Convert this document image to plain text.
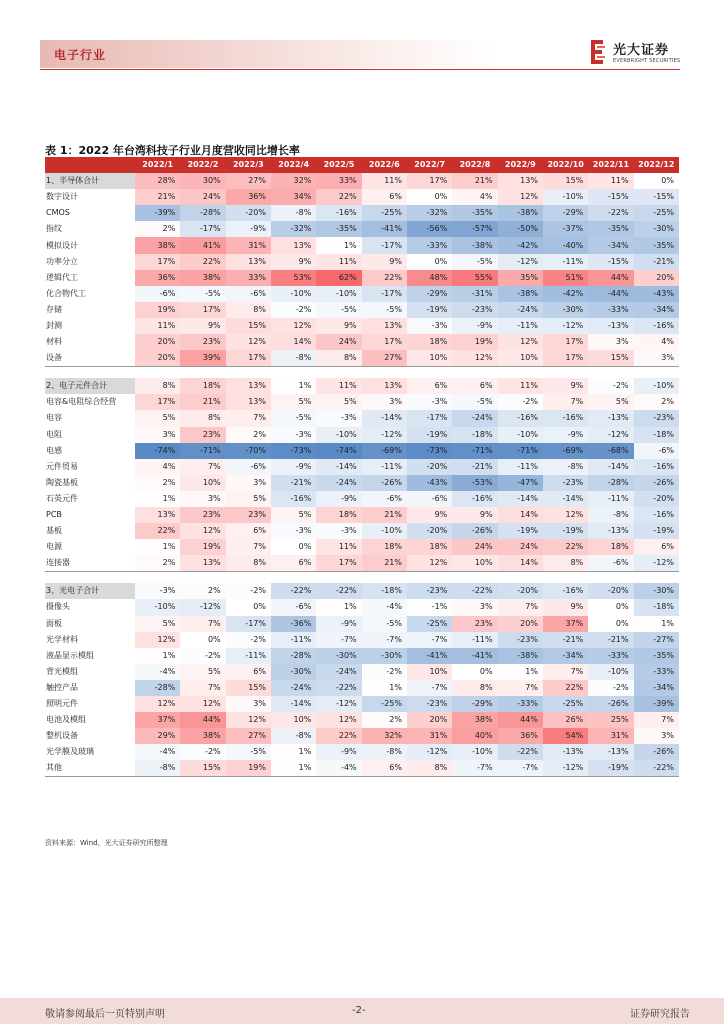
电子行业	光大证券
EVERBRIGHT SECURITIES
表 1：2022 年台湾科技子行业月度营收同比增长率
	2022/1	2022/2	2022/3	2022/4	2022/5	2022/6	2022/7	2022/8	2022/9	2022/10	2022/11	2022/12
1、半导体合计	28%	30%	27%	32%	33%	11%	17%	21%	13%	15%	11%	0%
数字设计	21%	24%	36%	34%	22%	6%	0%	4%	12%	-10%	-15%	-15%
CMOS	-39%	-28%	-20%	-8%	-16%	-25%	-32%	-35%	-38%	-29%	-22%	-25%
指纹	2%	-17%	-9%	-32%	-35%	-41%	-56%	-57%	-50%	-37%	-35%	-30%
模拟设计	38%	41%	31%	13%	1%	-17%	-33%	-38%	-42%	-40%	-34%	-35%
功率分立	17%	22%	13%	9%	11%	9%	0%	-5%	-12%	-11%	-15%	-21%
逻辑代工	36%	38%	33%	53%	62%	22%	48%	55%	35%	51%	44%	20%
化合物代工	-6%	-5%	-6%	-10%	-10%	-17%	-29%	-31%	-38%	-42%	-44%	-43%
存储	19%	17%	8%	-2%	-5%	-5%	-19%	-23%	-24%	-30%	-33%	-34%
封测	11%	9%	15%	12%	9%	13%	-3%	-9%	-11%	-12%	-13%	-16%
材料	20%	23%	12%	14%	24%	17%	18%	19%	12%	17%	3%	4%
设备	20%	39%	17%	-8%	8%	27%	10%	12%	10%	17%	15%	3%

2、电子元件合计	8%	18%	13%	1%	11%	13%	6%	6%	11%	9%	-2%	-10%
电容&电阻综合经营	17%	21%	13%	5%	5%	3%	-3%	-5%	-2%	7%	5%	2%
电容	5%	8%	7%	-5%	-3%	-14%	-17%	-24%	-16%	-16%	-13%	-23%
电阻	3%	23%	2%	-3%	-10%	-12%	-19%	-18%	-10%	-9%	-12%	-18%
电感	-74%	-71%	-70%	-73%	-74%	-69%	-73%	-71%	-71%	-69%	-68%	-6%
元件贸易	4%	7%	-6%	-9%	-14%	-11%	-20%	-21%	-11%	-8%	-14%	-16%
陶瓷基板	2%	10%	3%	-21%	-24%	-26%	-43%	-53%	-47%	-23%	-28%	-26%
石英元件	1%	3%	5%	-16%	-9%	-6%	-6%	-16%	-14%	-14%	-11%	-20%
PCB	13%	23%	23%	5%	18%	21%	9%	9%	14%	12%	-8%	-16%
基板	22%	12%	6%	-3%	-3%	-10%	-20%	-26%	-19%	-19%	-13%	-19%
电源	1%	19%	7%	0%	11%	18%	18%	24%	24%	22%	18%	6%
连接器	2%	13%	8%	6%	17%	21%	12%	10%	14%	8%	-6%	-12%

3、光电子合计	-3%	2%	-2%	-22%	-22%	-18%	-23%	-22%	-20%	-16%	-20%	-30%
摄像头	-10%	-12%	0%	-6%	1%	-4%	-1%	3%	7%	9%	0%	-18%
面板	5%	7%	-17%	-36%	-9%	-5%	-25%	23%	20%	37%	0%	1%
光学材料	12%	0%	-2%	-11%	-7%	-7%	-7%	-11%	-23%	-21%	-21%	-27%
液晶显示模组	1%	-2%	-11%	-28%	-30%	-30%	-41%	-41%	-38%	-34%	-33%	-35%
背光模组	-4%	5%	6%	-30%	-24%	-2%	10%	0%	1%	7%	-10%	-33%
触控产品	-28%	7%	15%	-24%	-22%	1%	-7%	8%	7%	22%	-2%	-34%
照明元件	12%	12%	3%	-14%	-12%	-25%	-23%	-29%	-33%	-25%	-26%	-39%
电池及模组	37%	44%	12%	10%	12%	2%	20%	38%	44%	26%	25%	7%
整机设备	29%	38%	27%	-8%	22%	32%	31%	40%	36%	54%	31%	3%
光学膜及玻璃	-4%	-2%	-5%	1%	-9%	-8%	-12%	-10%	-22%	-13%	-13%	-26%
其他	-8%	15%	19%	1%	-4%	6%	8%	-7%	-7%	-12%	-19%	-22%
资料来源：Wind，光大证券研究所整理
敬请参阅最后一页特别声明	-2-	证券研究报告
